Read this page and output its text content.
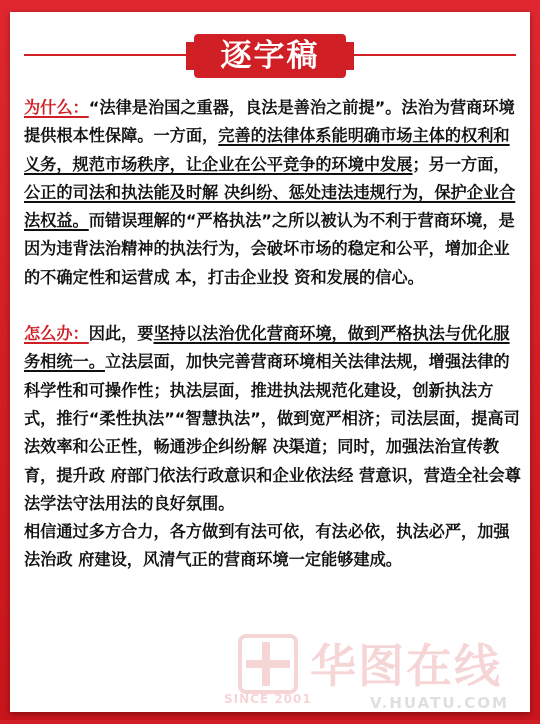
逐字稿

为什么：“法律是治国之重器，良法是善治之前提”。法治为营商环境提供根本性保障。一方面，完善的法律体系能明确市场主体的权利和义务，规范市场秩序，让企业在公平竞争的环境中发展；另一方面，公正的司法和执法能及时解 决纠纷、惩处违法违规行为，保护企业合法权益。而错误理解的“严格执法”之所以被认为不利于营商环境，是因为违背法治精神的执法行为，会破坏市场的稳定和公平，增加企业的不确定性和运营成 本，打击企业投 资和发展的信心。

怎么办：因此，要坚持以法治优化营商环境，做到严格执法与优化服务相统一。立法层面，加快完善营商环境相关法律法规，增强法律的科学性和可操作性；执法层面，推进执法规范化建设，创新执法方式，推行“柔性执法”“智慧执法”，做到宽严相济；司法层面，提高司法效率和公正性，畅通涉企纠纷解 决渠道；同时，加强法治宣传教育，提升政 府部门依法行政意识和企业依法经 营意识，营造全社会尊法学法守法用法的良好氛围。

相信通过多方合力，各方做到有法可依，有法必依，执法必严，加强法治政 府建设，风清气正的营商环境一定能够建成。

SINCE 2001
华图在线
V.HUATU.COM
